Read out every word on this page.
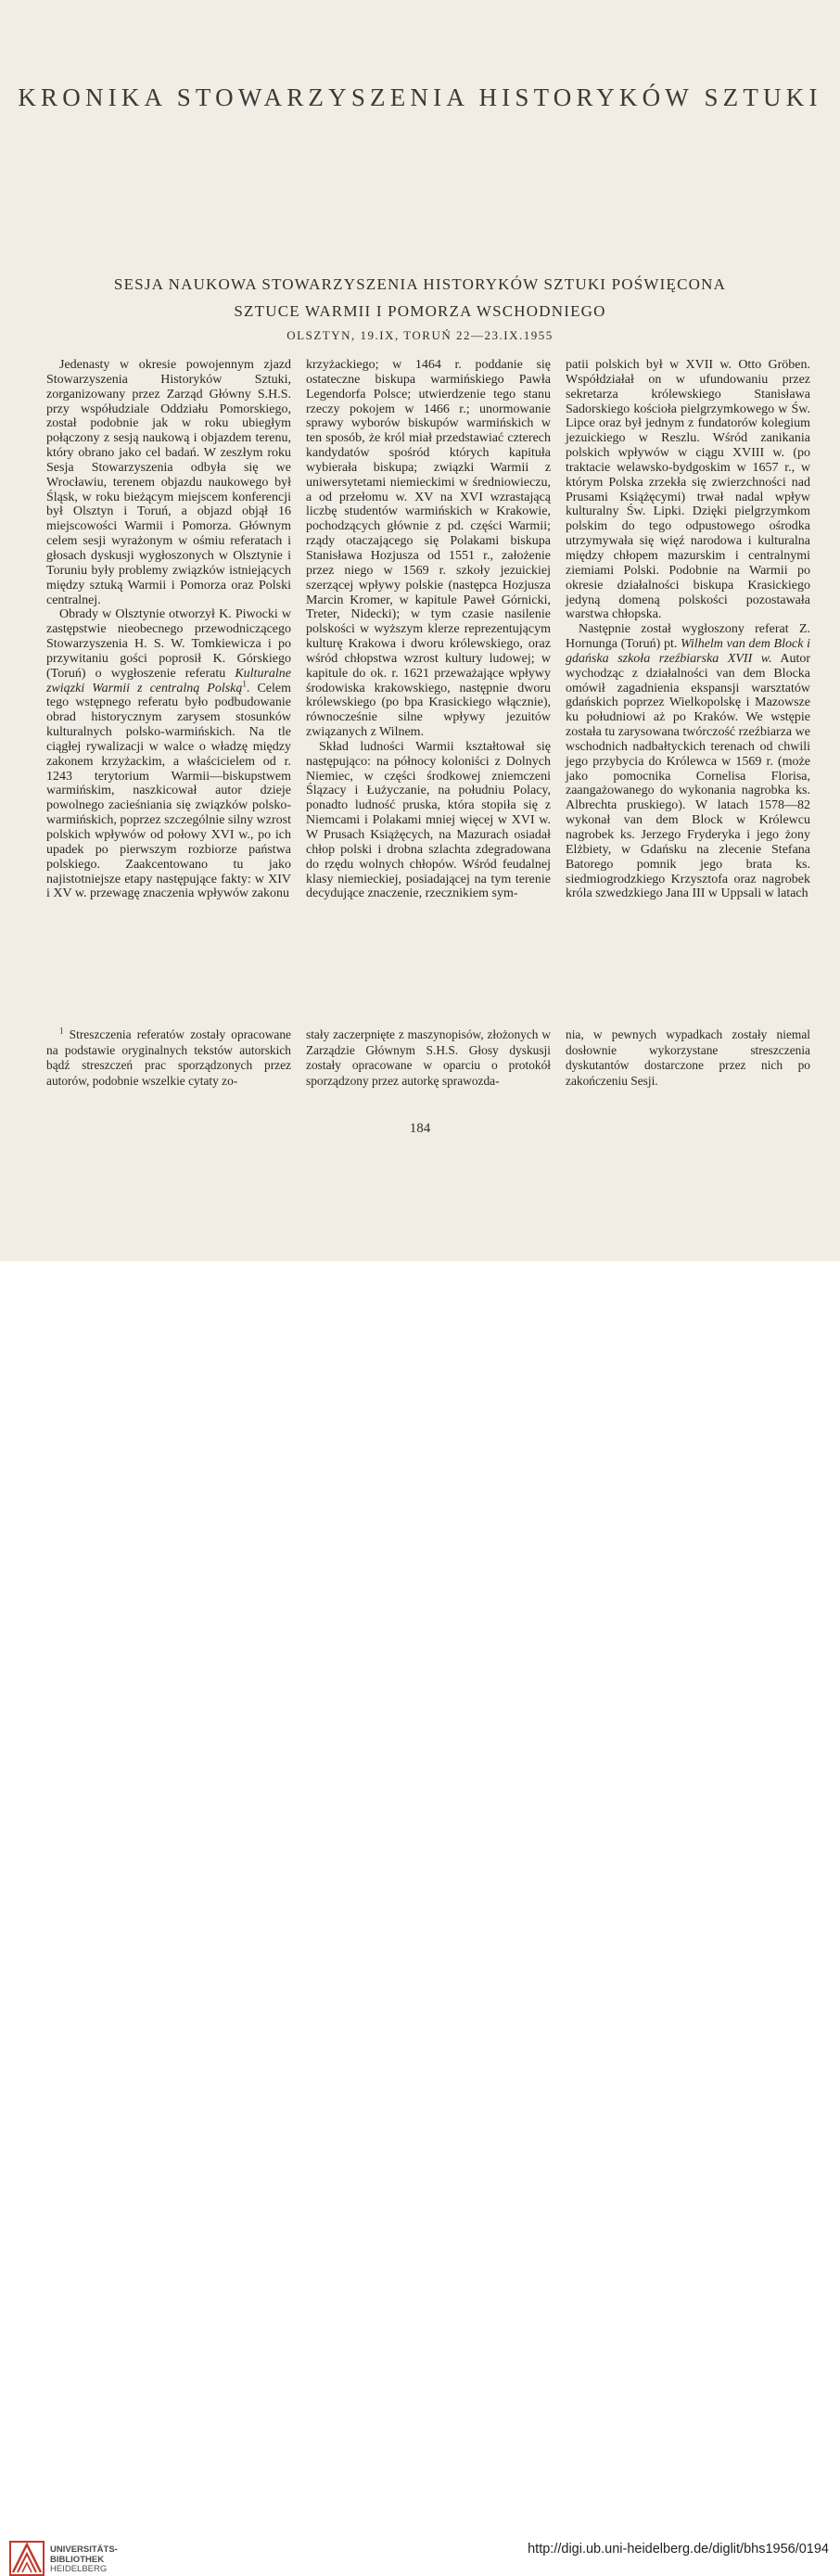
KRONIKA STOWARZYSZENIA HISTORYKÓW SZTUKI
SESJA NAUKOWA STOWARZYSZENIA HISTORYKÓW SZTUKI POŚWIĘCONA
SZTUCE WARMII I POMORZA WSCHODNIEGO
OLSZTYN, 19.IX, TORUŃ 22—23.IX.1955

Jedenasty w okresie powojennym zjazd Stowarzyszenia Historyków Sztuki, zorganizowany przez Zarząd Główny S.H.S. przy współudziale Oddziału Pomorskiego, został podobnie jak w roku ubiegłym połączony z sesją naukową i objazdem terenu, który obrano jako cel badań. W zeszłym roku Sesja Stowarzyszenia odbyła się we Wrocławiu, terenem objazdu naukowego był Śląsk, w roku bieżącym miejscem konferencji był Olsztyn i Toruń, a objazd objął 16 miejscowości Warmii i Pomorza. Głównym celem sesji wyrażonym w ośmiu referatach i głosach dyskusji wygłoszonych w Olsztynie i Toruniu były problemy związków istniejących między sztuką Warmii i Pomorza oraz Polski centralnej.

Obrady w Olsztynie otworzył K. Piwocki w zastępstwie nieobecnego przewodniczącego Stowarzyszenia H. S. W. Tomkiewicza i po przywitaniu gości poprosił K. Górskiego (Toruń) o wygłoszenie referatu Kulturalne związki Warmii z centralną Polską$^1$. Celem tego wstępnego referatu było podbudowanie obrad historycznym zarysem stosunków kulturalnych polsko-warmińskich. Na tle ciągłej rywalizacji w walce o władzę między zakonem krzyżackim, a właścicielem od r. 1243 terytorium Warmii—biskupstwem warmińskim, naszkicował autor dzieje powolnego zacieśniania się związków polsko-warmińskich, poprzez szczególnie silny wzrost polskich wpływów od połowy XVI w., po ich upadek po pierwszym rozbiorze państwa polskiego. Zaakcentowano tu jako najistotniejsze etapy następujące fakty: w XIV i XV w. przewagę znaczenia wpływów zakonu

krzyżackiego; w 1464 r. poddanie się ostateczne biskupa warmińskiego Pawła Legendorfa Polsce; utwierdzenie tego stanu rzeczy pokojem w 1466 r.; unormowanie sprawy wyborów biskupów warmińskich w ten sposób, że król miał przedstawiać czterech kandydatów spośród których kapituła wybierała biskupa; związki Warmii z uniwersytetami niemieckimi w średniowieczu, a od przełomu w. XV na XVI wzrastającą liczbę studentów warmińskich w Krakowie, pochodzących głównie z pd. części Warmii; rządy otaczającego się Polakami biskupa Stanisława Hozjusza od 1551 r., założenie przez niego w 1569 r. szkoły jezuickiej szerzącej wpływy polskie (następca Hozjusza Marcin Kromer, w kapitule Paweł Górnicki, Treter, Nidecki); w tym czasie nasilenie polskości w wyższym klerze reprezentującym kulturę Krakowa i dworu królewskiego, oraz wśród chłopstwa wzrost kultury ludowej; w kapitule do ok. r. 1621 przeważające wpływy środowiska krakowskiego, następnie dworu królewskiego (po bpa Krasickiego włącznie), równocześnie silne wpływy jezuitów związanych z Wilnem.

Skład ludności Warmii kształtował się następująco: na północy koloniści z Dolnych Niemiec, w części środkowej zniemczeni Ślązacy i Łużyczanie, na południu Polacy, ponadto ludność pruska, która stopiła się z Niemcami i Polakami mniej więcej w XVI w. W Prusach Książęcych, na Mazurach osiadał chłop polski i drobna szlachta zdegradowana do rzędu wolnych chłopów. Wśród feudalnej klasy niemieckiej, posiadającej na tym terenie decydujące znaczenie, rzecznikiem sym-

patii polskich był w XVII w. Otto Gröben. Współdziałał on w ufundowaniu przez sekretarza królewskiego Stanisława Sadorskiego kościoła pielgrzymkowego w Św. Lipce oraz był jednym z fundatorów kolegium jezuickiego w Reszlu. Wśród zanikania polskich wpływów w ciągu XVIII w. (po traktacie welawsko-bydgoskim w 1657 r., w którym Polska zrzekła się zwierzchności nad Prusami Książęcymi) trwał nadal wpływ kulturalny Św. Lipki. Dzięki pielgrzymkom polskim do tego odpustowego ośrodka utrzymywała się więź narodowa i kulturalna między chłopem mazurskim i centralnymi ziemiami Polski. Podobnie na Warmii po okresie działalności biskupa Krasickiego jedyną domeną polskości pozostawała warstwa chłopska.

Następnie został wygłoszony referat Z. Hornunga (Toruń) pt. Wilhelm van dem Block i gdańska szkoła rzeźbiarska XVII w. Autor wychodząc z działalności van dem Blocka omówił zagadnienia ekspansji warsztatów gdańskich poprzez Wielkopolskę i Mazowsze ku południowi aż po Kraków. We wstępie została tu zarysowana twórczość rzeźbiarza we wschodnich nadbałtyckich terenach od chwili jego przybycia do Królewca w 1569 r. (może jako pomocnika Cornelisa Florisa, zaangażowanego do wykonania nagrobka ks. Albrechta pruskiego). W latach 1578—82 wykonał van dem Block w Królewcu nagrobek ks. Jerzego Fryderyka i jego żony Elżbiety, w Gdańsku na zlecenie Stefana Batorego pomnik jego brata ks. siedmiogrodzkiego Krzysztofa oraz nagrobek króla szwedzkiego Jana III w Uppsali w latach

$^1$ Streszczenia referatów zostały opracowane na podstawie oryginalnych tekstów autorskich bądź streszczeń prac sporządzonych przez autorów, podobnie wszelkie cytaty zo-
stały zaczerpnięte z maszynopisów, złożonych w Zarządzie Głównym S.H.S. Głosy dyskusji zostały opracowane w oparciu o protokół sporządzony przez autorkę sprawozda-
nia, w pewnych wypadkach zostały niemal dosłownie wykorzystane streszczenia dyskutantów dostarczone przez nich po zakończeniu Sesji.
184
UNIVERSITÄTS-
BIBLIOTHEK
HEIDELBERG
http://digi.ub.uni-heidelberg.de/diglit/bhs1956/0194
